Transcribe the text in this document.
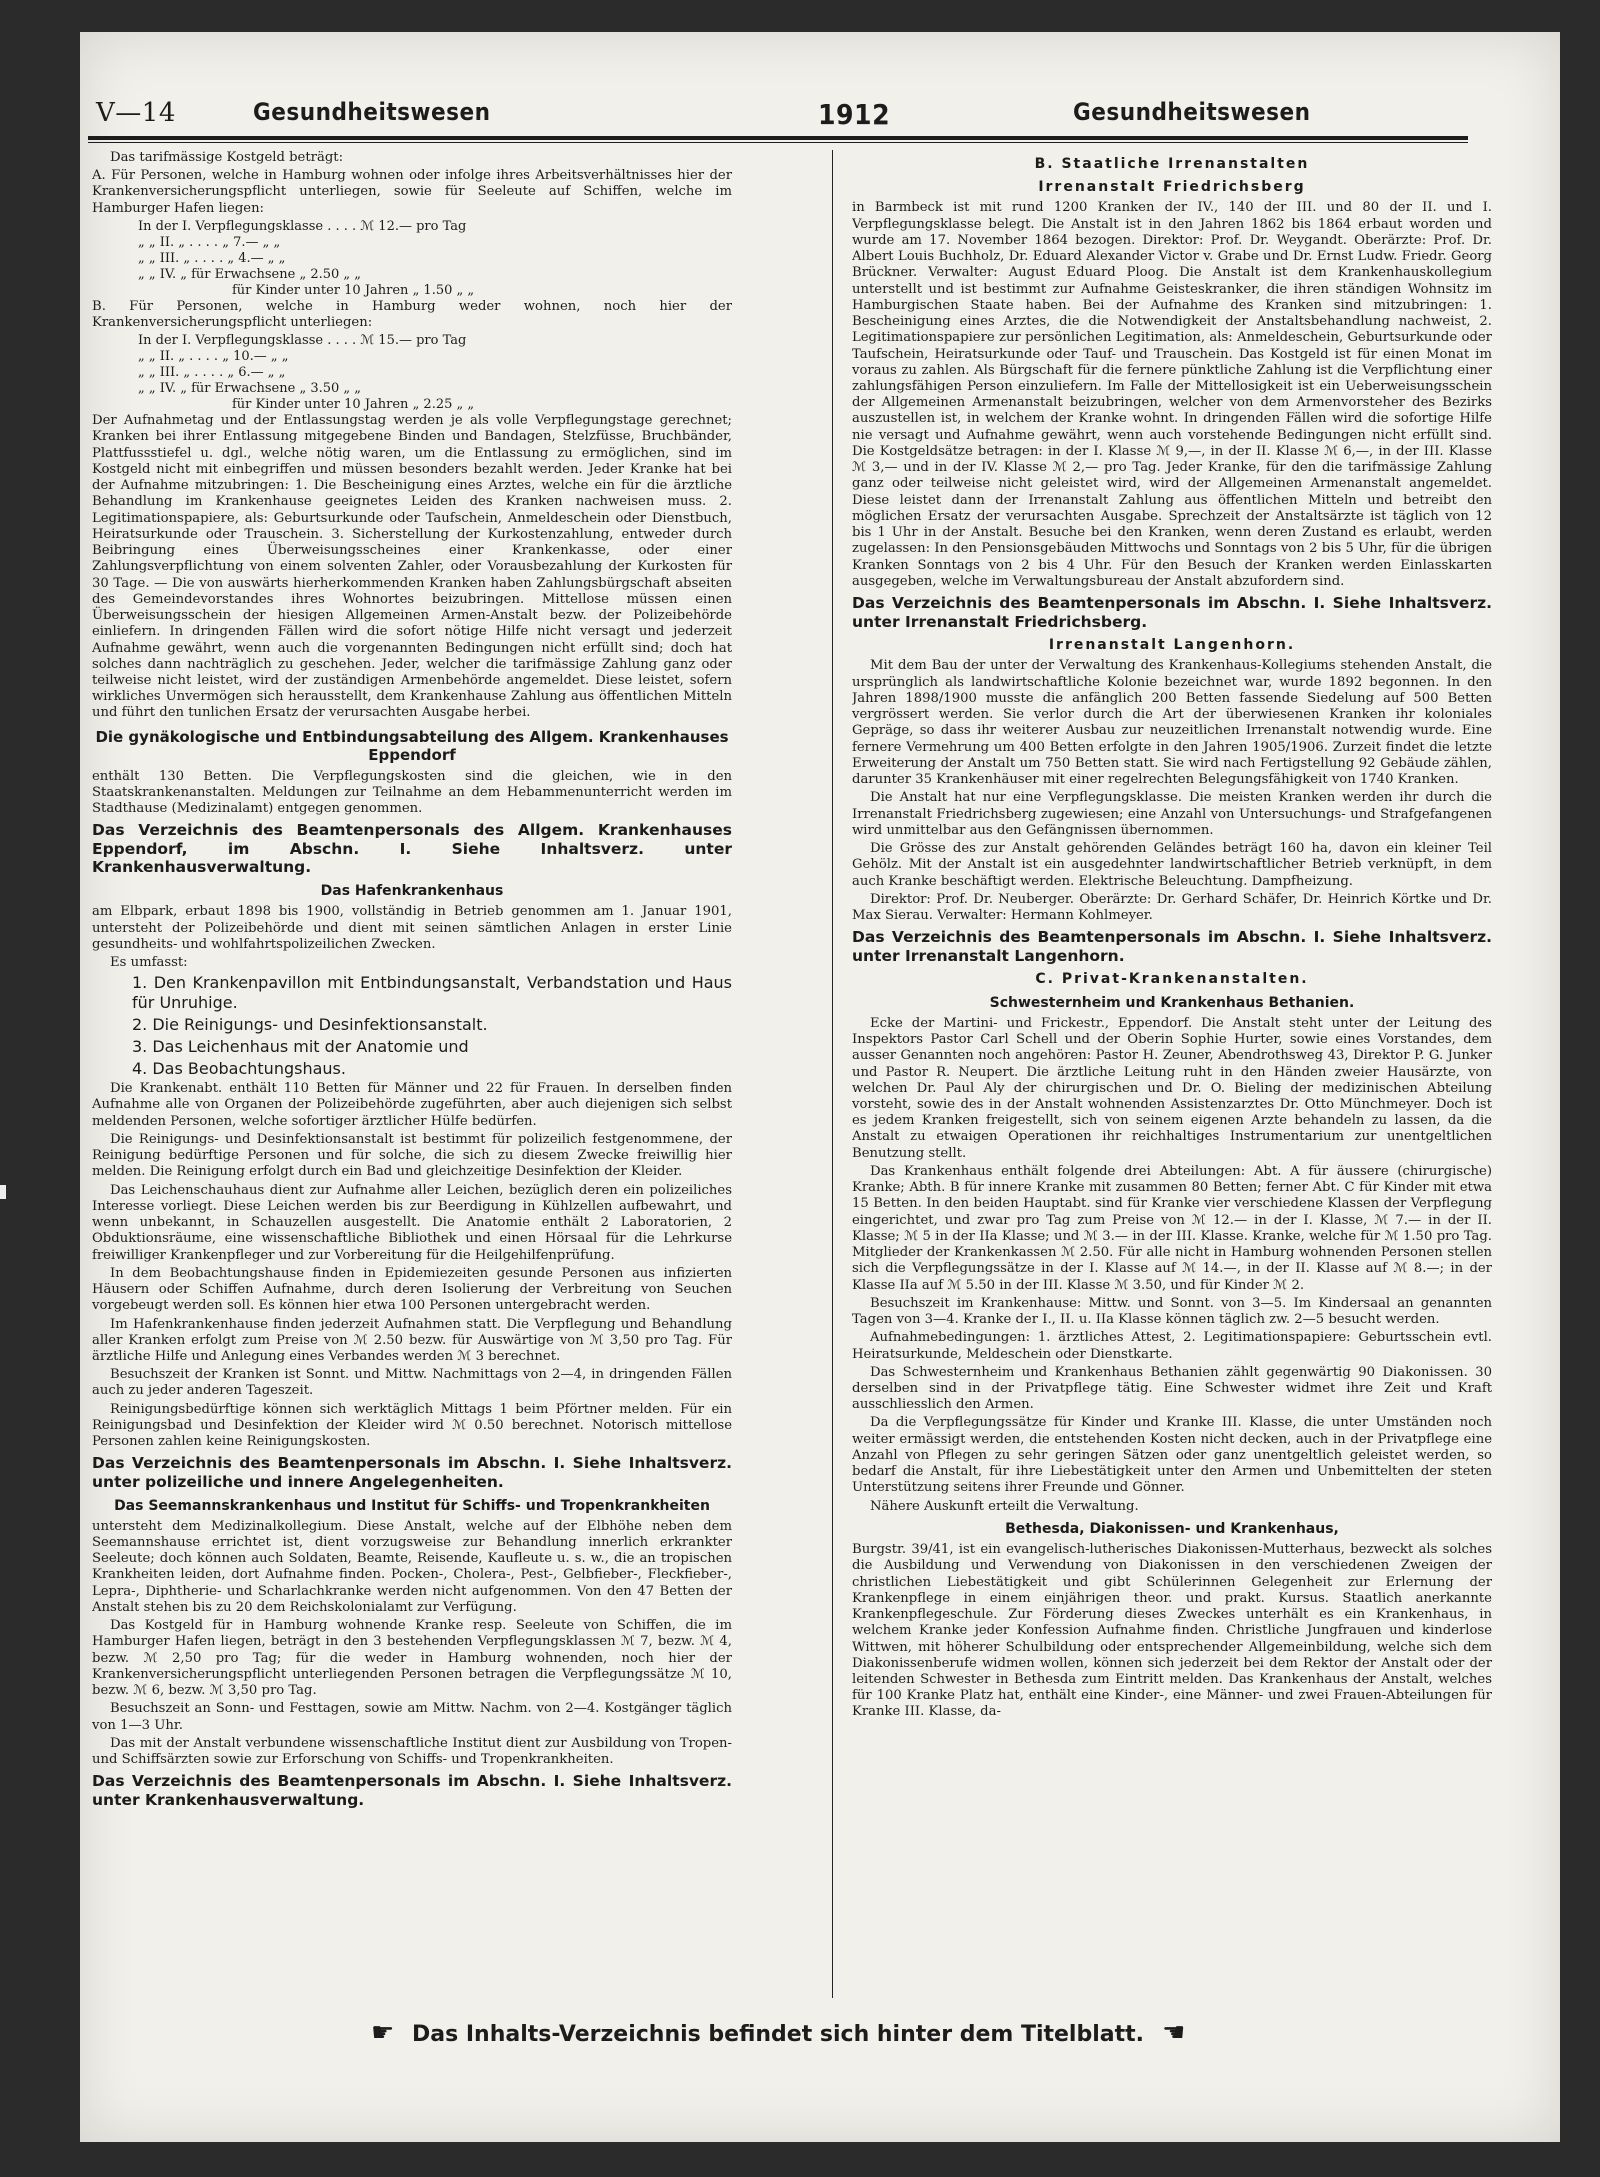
V—14	Gesundheitswesen	1912	Gesundheitswesen

Das tarifmässige Kostgeld beträgt:

A. Für Personen, welche in Hamburg wohnen oder infolge ihres Arbeitsverhältnisses hier der Krankenversicherungspflicht unterliegen, sowie für Seeleute auf Schiffen, welche im Hamburger Hafen liegen:

In der I. Verpflegungsklasse . . . . ℳ 12.— pro Tag
„ „ II. „ . . . . „ 7.— „ „
„ „ III. „ . . . . „ 4.— „ „
„ „ IV. „ für Erwachsene „ 2.50 „ „
für Kinder unter 10 Jahren „ 1.50 „ „

B. Für Personen, welche in Hamburg weder wohnen, noch hier der Krankenversicherungspflicht unterliegen:

In der I. Verpflegungsklasse . . . . ℳ 15.— pro Tag
„ „ II. „ . . . . „ 10.— „ „
„ „ III. „ . . . . „ 6.— „ „
„ „ IV. „ für Erwachsene „ 3.50 „ „
für Kinder unter 10 Jahren „ 2.25 „ „

Der Aufnahmetag und der Entlassungstag werden je als volle Verpflegungstage gerechnet; Kranken bei ihrer Entlassung mitgegebene Binden und Bandagen, Stelzfüsse, Bruchbänder, Plattfussstiefel u. dgl., welche nötig waren, um die Entlassung zu ermöglichen, sind im Kostgeld nicht mit einbegriffen und müssen besonders bezahlt werden. Jeder Kranke hat bei der Aufnahme mitzubringen: 1. Die Bescheinigung eines Arztes, welche ein für die ärztliche Behandlung im Krankenhause geeignetes Leiden des Kranken nachweisen muss. 2. Legitimationspapiere, als: Geburtsurkunde oder Taufschein, Anmeldeschein oder Dienstbuch, Heiratsurkunde oder Trauschein. 3. Sicherstellung der Kurkostenzahlung, entweder durch Beibringung eines Überweisungsscheines einer Krankenkasse, oder einer Zahlungsverpflichtung von einem solventen Zahler, oder Vorausbezahlung der Kurkosten für 30 Tage. — Die von auswärts hierherkommenden Kranken haben Zahlungsbürgschaft abseiten des Gemeindevorstandes ihres Wohnortes beizubringen. Mittellose müssen einen Überweisungsschein der hiesigen Allgemeinen Armen-Anstalt bezw. der Polizeibehörde einliefern. In dringenden Fällen wird die sofort nötige Hilfe nicht versagt und jederzeit Aufnahme gewährt, wenn auch die vorgenannten Bedingungen nicht erfüllt sind; doch hat solches dann nachträglich zu geschehen. Jeder, welcher die tarifmässige Zahlung ganz oder teilweise nicht leistet, wird der zuständigen Armenbehörde angemeldet. Diese leistet, sofern wirkliches Unvermögen sich herausstellt, dem Krankenhause Zahlung aus öffentlichen Mitteln und führt den tunlichen Ersatz der verursachten Ausgabe herbei.

Die gynäkologische und Entbindungsabteilung des Allgem. Krankenhauses Eppendorf

enthält 130 Betten. Die Verpflegungskosten sind die gleichen, wie in den Staatskrankenanstalten. Meldungen zur Teilnahme an dem Hebammenunterricht werden im Stadthause (Medizinalamt) entgegen genommen.

Das Verzeichnis des Beamtenpersonals des Allgem. Krankenhauses Eppendorf, im Abschn. I. Siehe Inhaltsverz. unter Krankenhausverwaltung.

Das Hafenkrankenhaus

am Elbpark, erbaut 1898 bis 1900, vollständig in Betrieb genommen am 1. Januar 1901, untersteht der Polizeibehörde und dient mit seinen sämtlichen Anlagen in erster Linie gesundheits- und wohlfahrtspolizeilichen Zwecken.

Es umfasst:

1. Den Krankenpavillon mit Entbindungsanstalt, Verbandstation und Haus für Unruhige.

2. Die Reinigungs- und Desinfektionsanstalt.

3. Das Leichenhaus mit der Anatomie und

4. Das Beobachtungshaus.

Die Krankenabt. enthält 110 Betten für Männer und 22 für Frauen. In derselben finden Aufnahme alle von Organen der Polizeibehörde zugeführten, aber auch diejenigen sich selbst meldenden Personen, welche sofortiger ärztlicher Hülfe bedürfen.

Die Reinigungs- und Desinfektionsanstalt ist bestimmt für polizeilich festgenommene, der Reinigung bedürftige Personen und für solche, die sich zu diesem Zwecke freiwillig hier melden. Die Reinigung erfolgt durch ein Bad und gleichzeitige Desinfektion der Kleider.

Das Leichenschauhaus dient zur Aufnahme aller Leichen, bezüglich deren ein polizeiliches Interesse vorliegt. Diese Leichen werden bis zur Beerdigung in Kühlzellen aufbewahrt, und wenn unbekannt, in Schauzellen ausgestellt. Die Anatomie enthält 2 Laboratorien, 2 Obduktionsräume, eine wissenschaftliche Bibliothek und einen Hörsaal für die Lehrkurse freiwilliger Krankenpfleger und zur Vorbereitung für die Heilgehilfenprüfung.

In dem Beobachtungshause finden in Epidemiezeiten gesunde Personen aus infizierten Häusern oder Schiffen Aufnahme, durch deren Isolierung der Verbreitung von Seuchen vorgebeugt werden soll. Es können hier etwa 100 Personen untergebracht werden.

Im Hafenkrankenhause finden jederzeit Aufnahmen statt. Die Verpflegung und Behandlung aller Kranken erfolgt zum Preise von ℳ 2.50 bezw. für Auswärtige von ℳ 3,50 pro Tag. Für ärztliche Hilfe und Anlegung eines Verbandes werden ℳ 3 berechnet.

Besuchszeit der Kranken ist Sonnt. und Mittw. Nachmittags von 2—4, in dringenden Fällen auch zu jeder anderen Tageszeit.

Reinigungsbedürftige können sich werktäglich Mittags 1 beim Pförtner melden. Für ein Reinigungsbad und Desinfektion der Kleider wird ℳ 0.50 berechnet. Notorisch mittellose Personen zahlen keine Reinigungskosten.

Das Verzeichnis des Beamtenpersonals im Abschn. I. Siehe Inhaltsverz. unter polizeiliche und innere Angelegenheiten.

Das Seemannskrankenhaus und Institut für Schiffs- und Tropenkrankheiten

untersteht dem Medizinalkollegium. Diese Anstalt, welche auf der Elbhöhe neben dem Seemannshause errichtet ist, dient vorzugsweise zur Behandlung innerlich erkrankter Seeleute; doch können auch Soldaten, Beamte, Reisende, Kaufleute u. s. w., die an tropischen Krankheiten leiden, dort Aufnahme finden. Pocken-, Cholera-, Pest-, Gelbfieber-, Fleckfieber-, Lepra-, Diphtherie- und Scharlachkranke werden nicht aufgenommen. Von den 47 Betten der Anstalt stehen bis zu 20 dem Reichskolonialamt zur Verfügung.

Das Kostgeld für in Hamburg wohnende Kranke resp. Seeleute von Schiffen, die im Hamburger Hafen liegen, beträgt in den 3 bestehenden Verpflegungsklassen ℳ 7, bezw. ℳ 4, bezw. ℳ 2,50 pro Tag; für die weder in Hamburg wohnenden, noch hier der Krankenversicherungspflicht unterliegenden Personen betragen die Verpflegungssätze ℳ 10, bezw. ℳ 6, bezw. ℳ 3,50 pro Tag.

Besuchszeit an Sonn- und Festtagen, sowie am Mittw. Nachm. von 2—4. Kostgänger täglich von 1—3 Uhr.

Das mit der Anstalt verbundene wissenschaftliche Institut dient zur Ausbildung von Tropen- und Schiffsärzten sowie zur Erforschung von Schiffs- und Tropenkrankheiten.

Das Verzeichnis des Beamtenpersonals im Abschn. I. Siehe Inhaltsverz. unter Krankenhausverwaltung.

B. Staatliche Irrenanstalten
Irrenanstalt Friedrichsberg

in Barmbeck ist mit rund 1200 Kranken der IV., 140 der III. und 80 der II. und I. Verpflegungsklasse belegt. Die Anstalt ist in den Jahren 1862 bis 1864 erbaut worden und wurde am 17. November 1864 bezogen. Direktor: Prof. Dr. Weygandt. Oberärzte: Prof. Dr. Albert Louis Buchholz, Dr. Eduard Alexander Victor v. Grabe und Dr. Ernst Ludw. Friedr. Georg Brückner. Verwalter: August Eduard Ploog. Die Anstalt ist dem Krankenhauskollegium unterstellt und ist bestimmt zur Aufnahme Geisteskranker, die ihren ständigen Wohnsitz im Hamburgischen Staate haben. Bei der Aufnahme des Kranken sind mitzubringen: 1. Bescheinigung eines Arztes, die die Notwendigkeit der Anstaltsbehandlung nachweist, 2. Legitimationspapiere zur persönlichen Legitimation, als: Anmeldeschein, Geburtsurkunde oder Taufschein, Heiratsurkunde oder Tauf- und Trauschein. Das Kostgeld ist für einen Monat im voraus zu zahlen. Als Bürgschaft für die fernere pünktliche Zahlung ist die Verpflichtung einer zahlungsfähigen Person einzuliefern. Im Falle der Mittellosigkeit ist ein Ueberweisungsschein der Allgemeinen Armenanstalt beizubringen, welcher von dem Armenvorsteher des Bezirks auszustellen ist, in welchem der Kranke wohnt. In dringenden Fällen wird die sofortige Hilfe nie versagt und Aufnahme gewährt, wenn auch vorstehende Bedingungen nicht erfüllt sind. Die Kostgeldsätze betragen: in der I. Klasse ℳ 9,—, in der II. Klasse ℳ 6,—, in der III. Klasse ℳ 3,— und in der IV. Klasse ℳ 2,— pro Tag. Jeder Kranke, für den die tarifmässige Zahlung ganz oder teilweise nicht geleistet wird, wird der Allgemeinen Armenanstalt angemeldet. Diese leistet dann der Irrenanstalt Zahlung aus öffentlichen Mitteln und betreibt den möglichen Ersatz der verursachten Ausgabe. Sprechzeit der Anstaltsärzte ist täglich von 12 bis 1 Uhr in der Anstalt. Besuche bei den Kranken, wenn deren Zustand es erlaubt, werden zugelassen: In den Pensionsgebäuden Mittwochs und Sonntags von 2 bis 5 Uhr, für die übrigen Kranken Sonntags von 2 bis 4 Uhr. Für den Besuch der Kranken werden Einlasskarten ausgegeben, welche im Verwaltungsbureau der Anstalt abzufordern sind.

Das Verzeichnis des Beamtenpersonals im Abschn. I. Siehe Inhaltsverz. unter Irrenanstalt Friedrichsberg.

Irrenanstalt Langenhorn.

Mit dem Bau der unter der Verwaltung des Krankenhaus-Kollegiums stehenden Anstalt, die ursprünglich als landwirtschaftliche Kolonie bezeichnet war, wurde 1892 begonnen. In den Jahren 1898/1900 musste die anfänglich 200 Betten fassende Siedelung auf 500 Betten vergrössert werden. Sie verlor durch die Art der überwiesenen Kranken ihr koloniales Gepräge, so dass ihr weiterer Ausbau zur neuzeitlichen Irrenanstalt notwendig wurde. Eine fernere Vermehrung um 400 Betten erfolgte in den Jahren 1905/1906. Zurzeit findet die letzte Erweiterung der Anstalt um 750 Betten statt. Sie wird nach Fertigstellung 92 Gebäude zählen, darunter 35 Krankenhäuser mit einer regelrechten Belegungsfähigkeit von 1740 Kranken.

Die Anstalt hat nur eine Verpflegungsklasse. Die meisten Kranken werden ihr durch die Irrenanstalt Friedrichsberg zugewiesen; eine Anzahl von Untersuchungs- und Strafgefangenen wird unmittelbar aus den Gefängnissen übernommen.

Die Grösse des zur Anstalt gehörenden Geländes beträgt 160 ha, davon ein kleiner Teil Gehölz. Mit der Anstalt ist ein ausgedehnter landwirtschaftlicher Betrieb verknüpft, in dem auch Kranke beschäftigt werden. Elektrische Beleuchtung. Dampfheizung.

Direktor: Prof. Dr. Neuberger. Oberärzte: Dr. Gerhard Schäfer, Dr. Heinrich Körtke und Dr. Max Sierau. Verwalter: Hermann Kohlmeyer.

Das Verzeichnis des Beamtenpersonals im Abschn. I. Siehe Inhaltsverz. unter Irrenanstalt Langenhorn.

C. Privat-Krankenanstalten.
Schwesternheim und Krankenhaus Bethanien.

Ecke der Martini- und Frickestr., Eppendorf. Die Anstalt steht unter der Leitung des Inspektors Pastor Carl Schell und der Oberin Sophie Hurter, sowie eines Vorstandes, dem ausser Genannten noch angehören: Pastor H. Zeuner, Abendrothsweg 43, Direktor P. G. Junker und Pastor R. Neupert. Die ärztliche Leitung ruht in den Händen zweier Hausärzte, von welchen Dr. Paul Aly der chirurgischen und Dr. O. Bieling der medizinischen Abteilung vorsteht, sowie des in der Anstalt wohnenden Assistenzarztes Dr. Otto Münchmeyer. Doch ist es jedem Kranken freigestellt, sich von seinem eigenen Arzte behandeln zu lassen, da die Anstalt zu etwaigen Operationen ihr reichhaltiges Instrumentarium zur unentgeltlichen Benutzung stellt.

Das Krankenhaus enthält folgende drei Abteilungen: Abt. A für äussere (chirurgische) Kranke; Abth. B für innere Kranke mit zusammen 80 Betten; ferner Abt. C für Kinder mit etwa 15 Betten. In den beiden Hauptabt. sind für Kranke vier verschiedene Klassen der Verpflegung eingerichtet, und zwar pro Tag zum Preise von ℳ 12.— in der I. Klasse, ℳ 7.— in der II. Klasse; ℳ 5 in der IIa Klasse; und ℳ 3.— in der III. Klasse. Kranke, welche für ℳ 1.50 pro Tag. Mitglieder der Krankenkassen ℳ 2.50. Für alle nicht in Hamburg wohnenden Personen stellen sich die Verpflegungssätze in der I. Klasse auf ℳ 14.—, in der II. Klasse auf ℳ 8.—; in der Klasse IIa auf ℳ 5.50 in der III. Klasse ℳ 3.50, und für Kinder ℳ 2.

Besuchszeit im Krankenhause: Mittw. und Sonnt. von 3—5. Im Kindersaal an genannten Tagen von 3—4. Kranke der I., II. u. IIa Klasse können täglich zw. 2—5 besucht werden.

Aufnahmebedingungen: 1. ärztliches Attest, 2. Legitimationspapiere: Geburtsschein evtl. Heiratsurkunde, Meldeschein oder Dienstkarte.

Das Schwesternheim und Krankenhaus Bethanien zählt gegenwärtig 90 Diakonissen. 30 derselben sind in der Privatpflege tätig. Eine Schwester widmet ihre Zeit und Kraft ausschliesslich den Armen.

Da die Verpflegungssätze für Kinder und Kranke III. Klasse, die unter Umständen noch weiter ermässigt werden, die entstehenden Kosten nicht decken, auch in der Privatpflege eine Anzahl von Pflegen zu sehr geringen Sätzen oder ganz unentgeltlich geleistet werden, so bedarf die Anstalt, für ihre Liebestätigkeit unter den Armen und Unbemittelten der steten Unterstützung seitens ihrer Freunde und Gönner.

Nähere Auskunft erteilt die Verwaltung.

Bethesda, Diakonissen- und Krankenhaus,

Burgstr. 39/41, ist ein evangelisch-lutherisches Diakonissen-Mutterhaus, bezweckt als solches die Ausbildung und Verwendung von Diakonissen in den verschiedenen Zweigen der christlichen Liebestätigkeit und gibt Schülerinnen Gelegenheit zur Erlernung der Krankenpflege in einem einjährigen theor. und prakt. Kursus. Staatlich anerkannte Krankenpflegeschule. Zur Förderung dieses Zweckes unterhält es ein Krankenhaus, in welchem Kranke jeder Konfession Aufnahme finden. Christliche Jungfrauen und kinderlose Wittwen, mit höherer Schulbildung oder entsprechender Allgemeinbildung, welche sich dem Diakonissenberufe widmen wollen, können sich jederzeit bei dem Rektor der Anstalt oder der leitenden Schwester in Bethesda zum Eintritt melden. Das Krankenhaus der Anstalt, welches für 100 Kranke Platz hat, enthält eine Kinder-, eine Männer- und zwei Frauen-Abteilungen für Kranke III. Klasse, da-

☛ Das Inhalts-Verzeichnis befindet sich hinter dem Titelblatt. ☛
